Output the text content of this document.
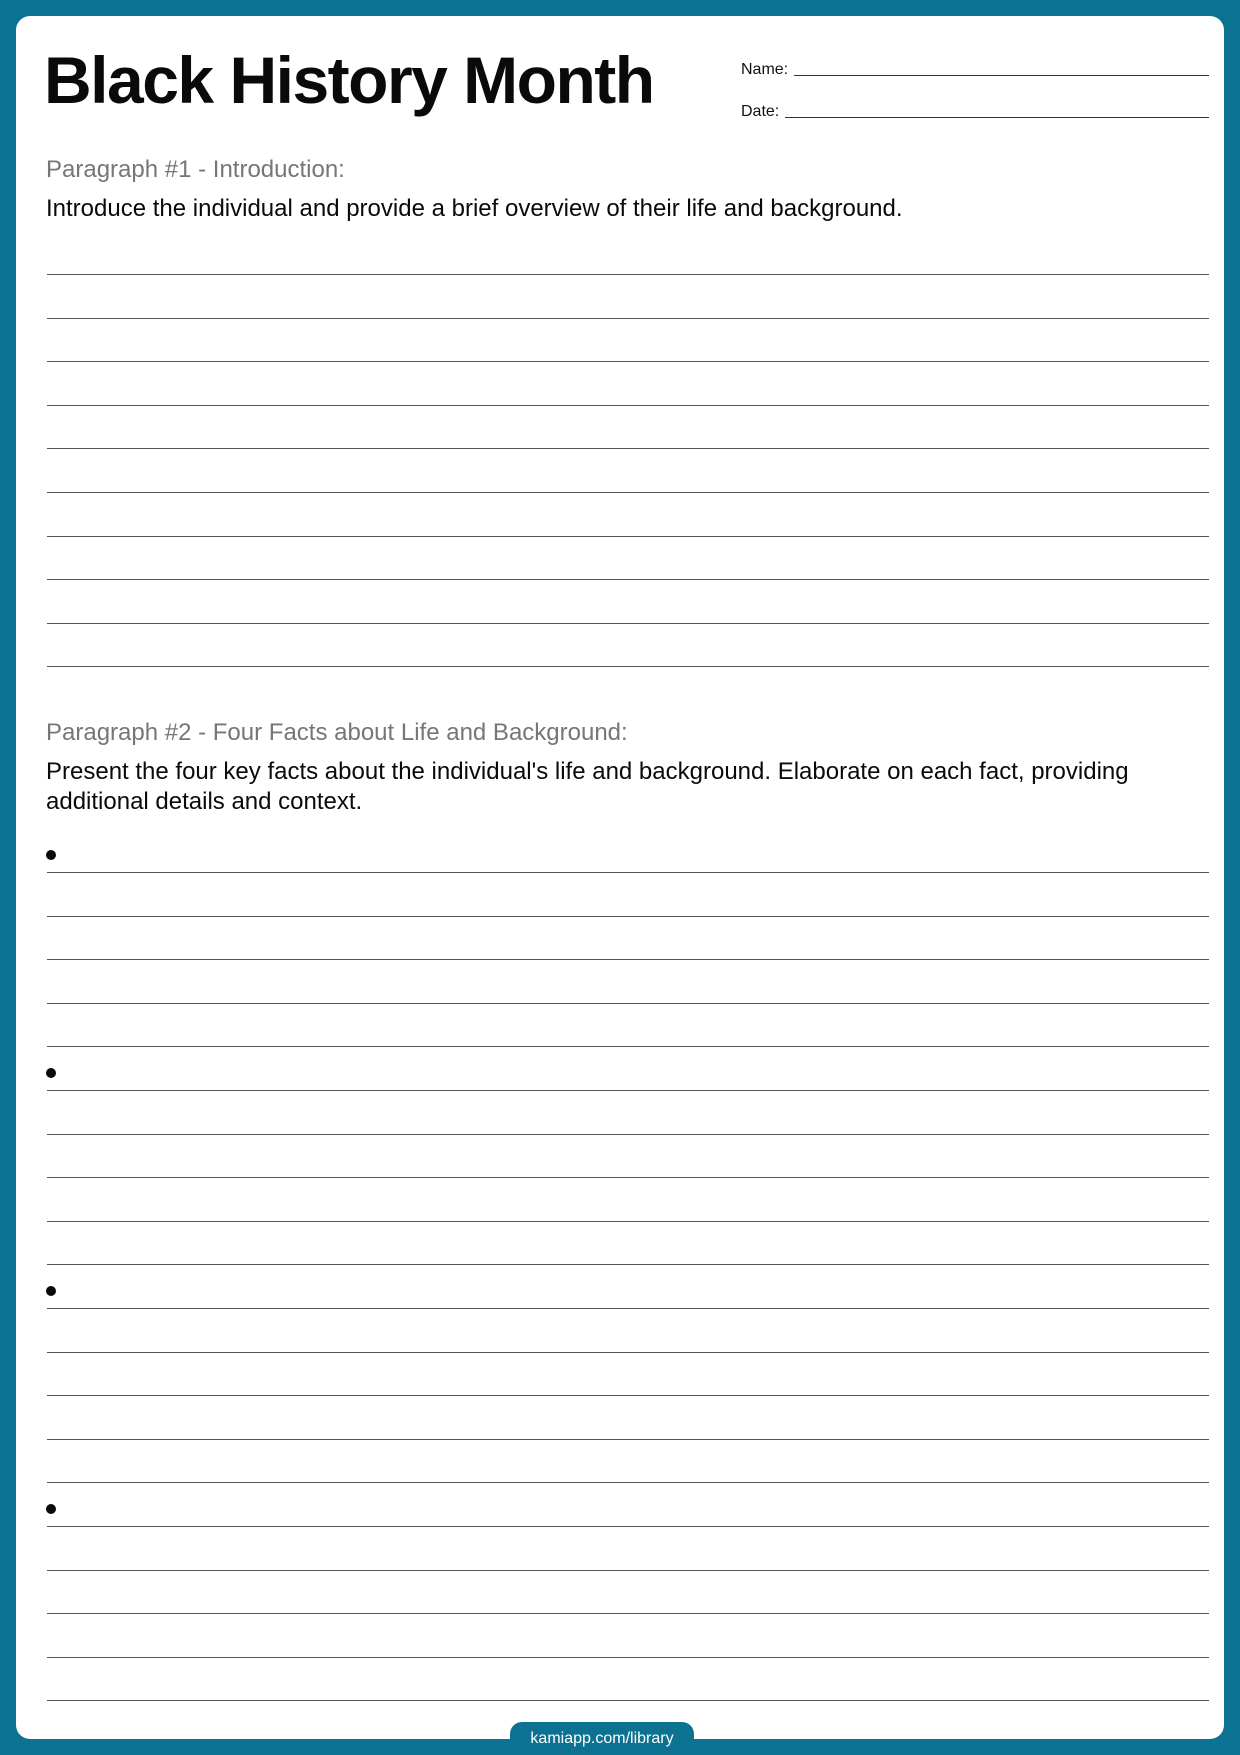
Black History Month	Name:
Date:
Paragraph #1 - Introduction:

Introduce the individual and provide a brief overview of their life and background.

Paragraph #2 - Four Facts about Life and Background:

Present the four key facts about the individual's life and background. Elaborate on each fact, providing additional details and context.

kamiapp.com/library
